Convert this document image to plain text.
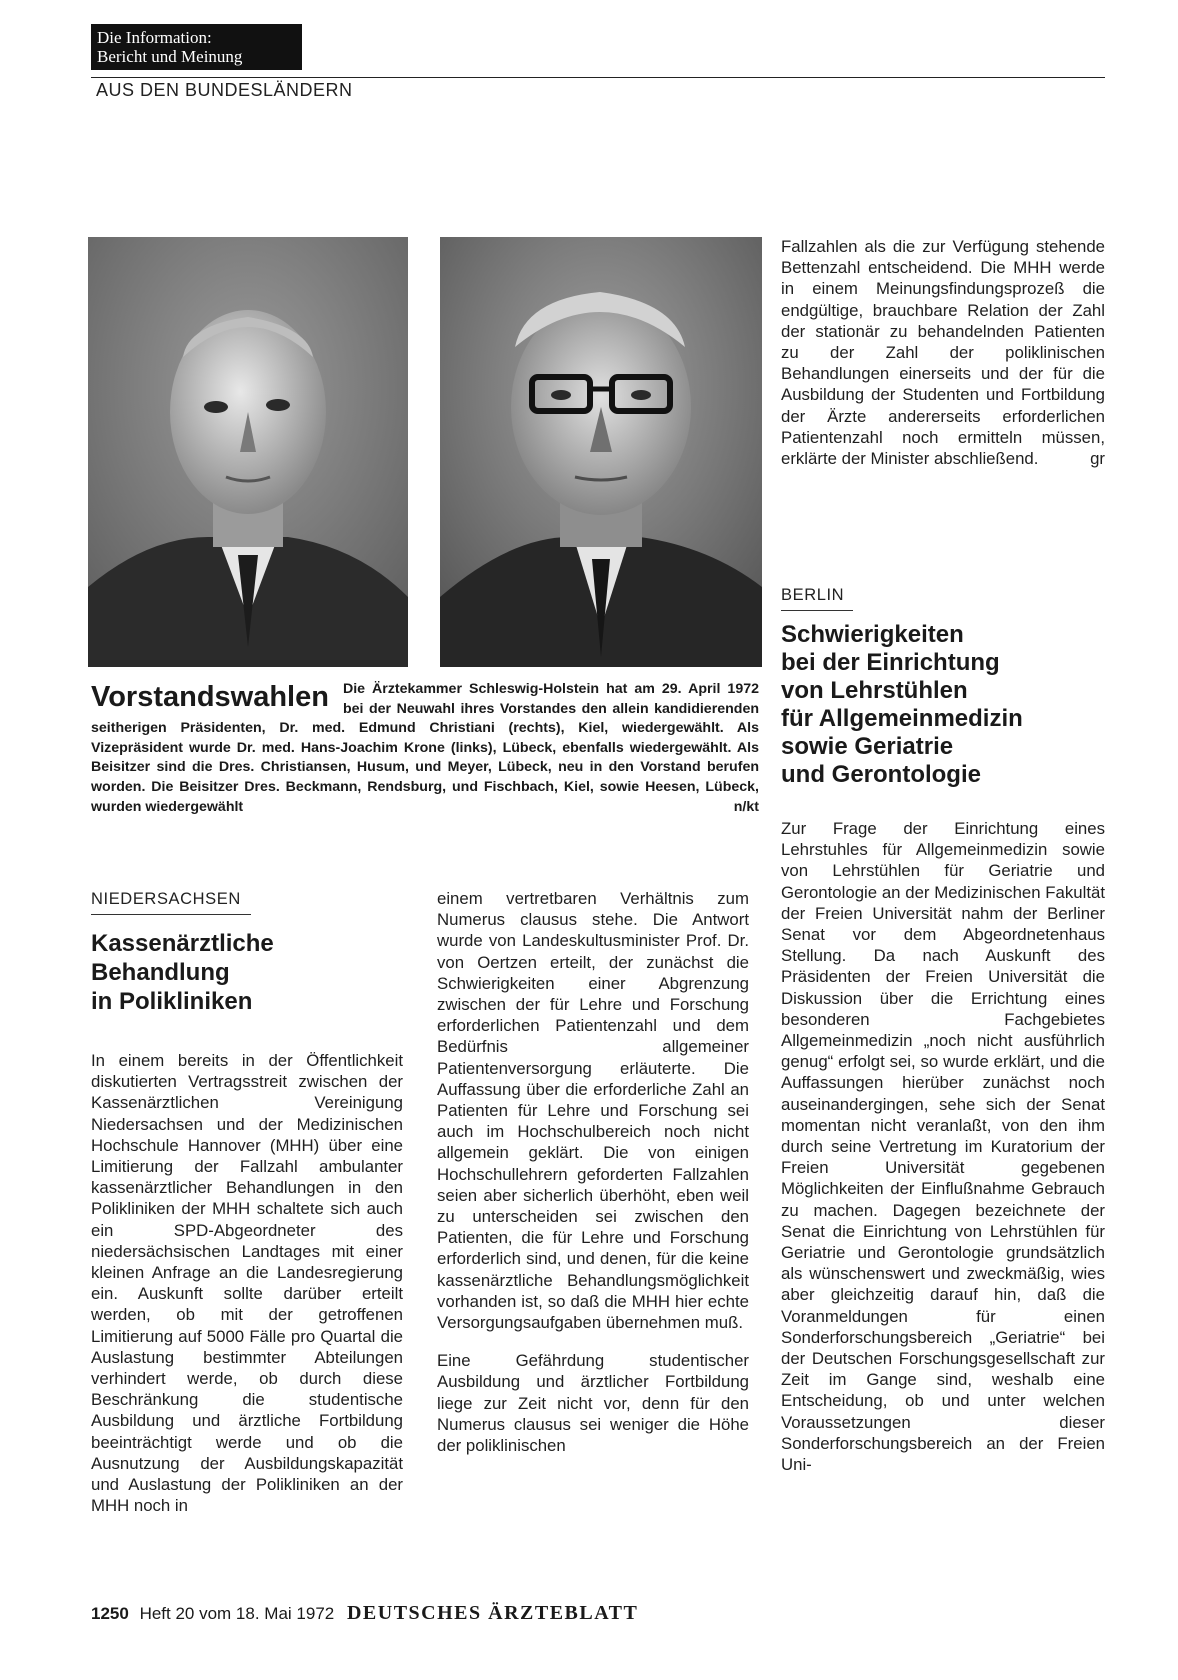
Die Information:
Bericht und Meinung
AUS DEN BUNDESLÄNDERN
Vorstandswahlen Die Ärztekammer Schleswig-Holstein hat am 29. April 1972 bei der Neuwahl ihres Vorstandes den allein kandidierenden seitherigen Präsidenten, Dr. med. Edmund Christiani (rechts), Kiel, wiedergewählt. Als Vizepräsident wurde Dr. med. Hans-Joachim Krone (links), Lübeck, ebenfalls wiedergewählt. Als Beisitzer sind die Dres. Christiansen, Husum, und Meyer, Lübeck, neu in den Vorstand berufen worden. Die Beisitzer Dres. Beckmann, Rendsburg, und Fischbach, Kiel, sowie Heesen, Lübeck, wurden wiedergewählt	n/kt
NIEDERSACHSEN
Kassenärztliche
Behandlung
in Polikliniken

In einem bereits in der Öffentlichkeit diskutierten Vertragsstreit zwischen der Kassenärztlichen Vereinigung Niedersachsen und der Medizinischen Hochschule Hannover (MHH) über eine Limitierung der Fallzahl ambulanter kassenärztlicher Behandlungen in den Polikliniken der MHH schaltete sich auch ein SPD-Abgeordneter des niedersächsischen Landtages mit einer kleinen Anfrage an die Landesregierung ein. Auskunft sollte darüber erteilt werden, ob mit der getroffenen Limitierung auf 5000 Fälle pro Quartal die Auslastung bestimmter Abteilungen verhindert werde, ob durch diese Beschränkung die studentische Ausbildung und ärztliche Fortbildung beeinträchtigt werde und ob die Ausnutzung der Ausbildungskapazität und Auslastung der Polikliniken an der MHH noch in

einem vertretbaren Verhältnis zum Numerus clausus stehe. Die Antwort wurde von Landeskultusminister Prof. Dr. von Oertzen erteilt, der zunächst die Schwierigkeiten einer Abgrenzung zwischen der für Lehre und Forschung erforderlichen Patientenzahl und dem Bedürfnis allgemeiner Patientenversorgung erläuterte. Die Auffassung über die erforderliche Zahl an Patienten für Lehre und Forschung sei auch im Hochschulbereich noch nicht allgemein geklärt. Die von einigen Hochschullehrern geforderten Fallzahlen seien aber sicherlich überhöht, eben weil zu unterscheiden sei zwischen den Patienten, die für Lehre und Forschung erforderlich sind, und denen, für die keine kassenärztliche Behandlungsmöglichkeit vorhanden ist, so daß die MHH hier echte Versorgungsaufgaben übernehmen muß.

Eine Gefährdung studentischer Ausbildung und ärztlicher Fortbildung liege zur Zeit nicht vor, denn für den Numerus clausus sei weniger die Höhe der poliklinischen

Fallzahlen als die zur Verfügung stehende Bettenzahl entscheidend. Die MHH werde in einem Meinungsfindungsprozeß die endgültige, brauchbare Relation der Zahl der stationär zu behandelnden Patienten zu der Zahl der poliklinischen Behandlungen einerseits und der für die Ausbildung der Studenten und Fortbildung der Ärzte andererseits erforderlichen Patientenzahl noch ermitteln müssen, erklärte der Minister abschließend.	gr

BERLIN
Schwierigkeiten
bei der Einrichtung
von Lehrstühlen
für Allgemeinmedizin
sowie Geriatrie
und Gerontologie

Zur Frage der Einrichtung eines Lehrstuhles für Allgemeinmedizin sowie von Lehrstühlen für Geriatrie und Gerontologie an der Medizinischen Fakultät der Freien Universität nahm der Berliner Senat vor dem Abgeordnetenhaus Stellung. Da nach Auskunft des Präsidenten der Freien Universität die Diskussion über die Errichtung eines besonderen Fachgebietes Allgemeinmedizin „noch nicht ausführlich genug“ erfolgt sei, so wurde erklärt, und die Auffassungen hierüber zunächst noch auseinandergingen, sehe sich der Senat momentan nicht veranlaßt, von den ihm durch seine Vertretung im Kuratorium der Freien Universität gegebenen Möglichkeiten der Einflußnahme Gebrauch zu machen. Dagegen bezeichnete der Senat die Einrichtung von Lehrstühlen für Geriatrie und Gerontologie grundsätzlich als wünschenswert und zweckmäßig, wies aber gleichzeitig darauf hin, daß die Voranmeldungen für einen Sonderforschungsbereich „Geriatrie“ bei der Deutschen Forschungsgesellschaft zur Zeit im Gange sind, weshalb eine Entscheidung, ob und unter welchen Voraussetzungen dieser Sonderforschungsbereich an der Freien Uni-

1250 Heft 20 vom 18. Mai 1972 DEUTSCHES ÄRZTEBLATT
